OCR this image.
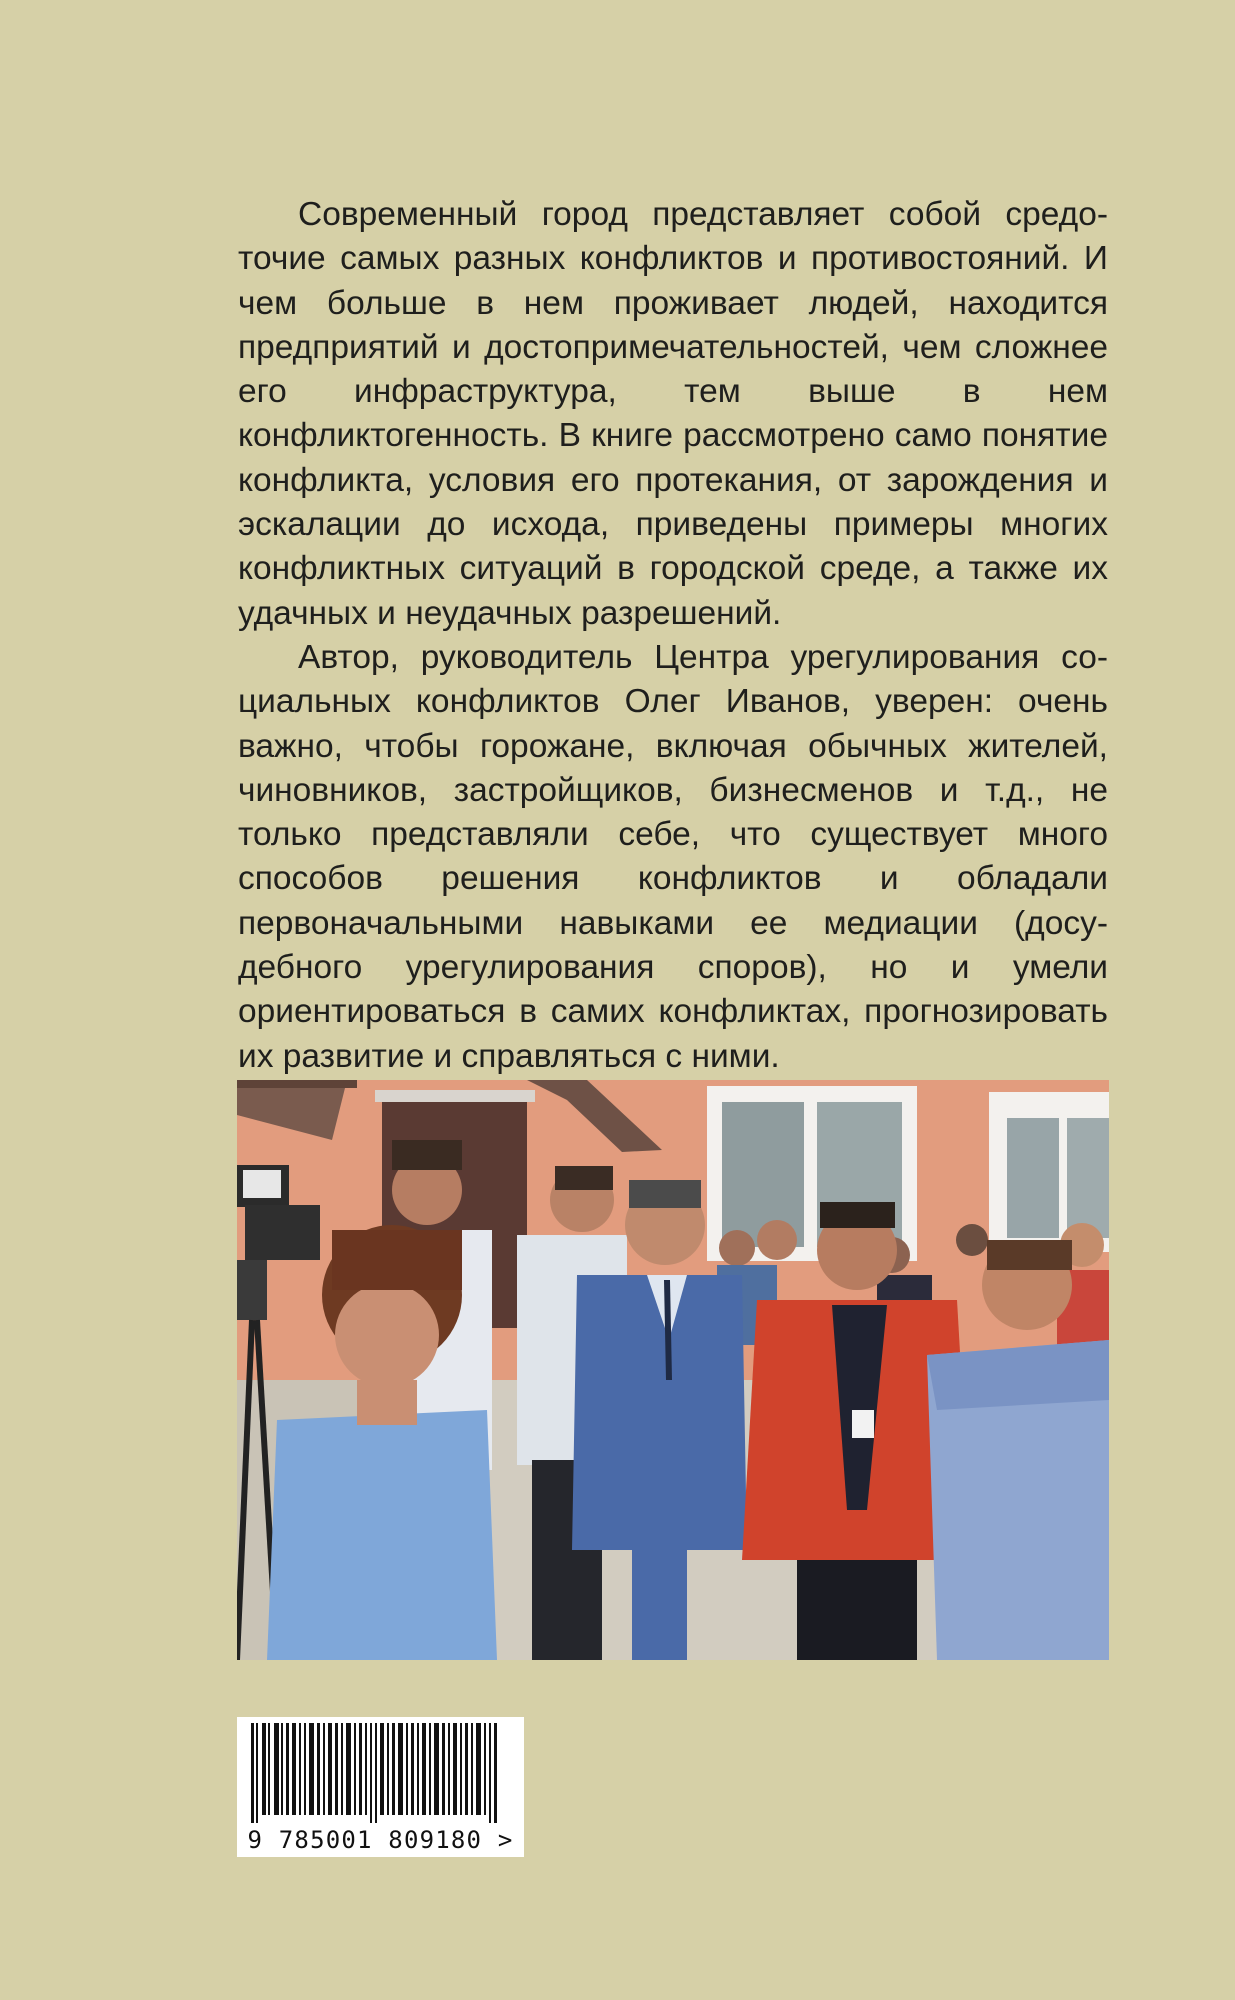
Современный город представляет собой средоточие самых разных конфликтов и противостояний. И чем больше в нем проживает людей, находится предприятий и достопримечательностей, чем сложнее его инфраструктура, тем выше в нем конфликтогенность. В книге рассмотрено само понятие конфликта, условия его протекания, от зарождения и эскалации до исхода, приведены примеры многих конфликтных ситуаций в городской среде, а также их удачных и неудачных разрешений.

Автор, руководитель Центра урегулирования социальных конфликтов Олег Иванов, уверен: очень важно, чтобы горожане, включая обычных жителей, чиновников, застройщиков, бизнесменов и т.д., не только представляли себе, что существует много способов решения конфликтов и обладали первоначальными навыками ее медиации (досудебного урегулирования споров), но и умели ориентироваться в самих конфликтах, прогнозировать их развитие и справляться с ними.

9 785001 809180 >
